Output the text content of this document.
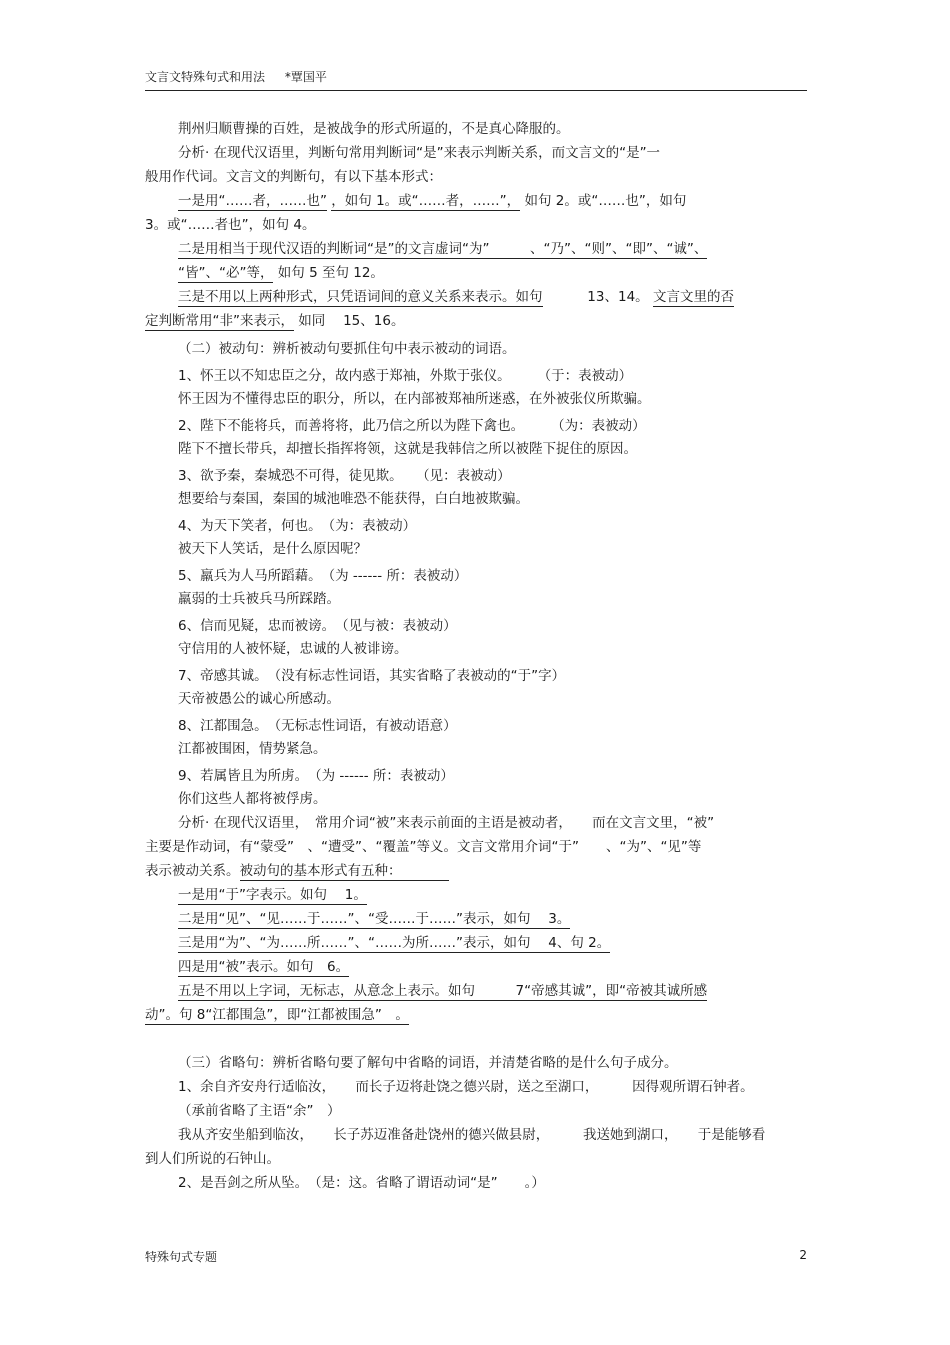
文言文特殊句式和用法 *覃国平
荆州归顺曹操的百姓，是被战争的形式所逼的，不是真心降服的。
分析· 在现代汉语里，判断句常用判断词“是”来表示判断关系，而文言文的“是”一
般用作代词。文言文的判断句，有以下基本形式：
一是用“……者，……也” ，如句 1。或“……者，……”， 如句 2。或“……也”，如句
3。或“……者也”，如句 4。
二是用相当于现代汉语的判断词“是”的文言虚词“为”　　　、“乃”、“则”、“即”、“诚”、
“皆”、“必”等， 如句 5 至句 12。
三是不用以上两种形式，只凭语词间的意义关系来表示。如句 　　　13、14。 文言文里的否
定判断常用“非”来表示， 如同　 15、16。
（二）被动句：辨析被动句要抓住句中表示被动的词语。
1、怀王以不知忠臣之分，故内惑于郑袖，外欺于张仪。　　　（于：表被动）
怀王因为不懂得忠臣的职分，所以，在内部被郑袖所迷惑，在外被张仪所欺骗。
2、陛下不能将兵，而善将将，此乃信之所以为陛下禽也。　　　（为：表被动）
陛下不擅长带兵，却擅长指挥将领，这就是我韩信之所以被陛下捉住的原因。
3、欲予秦，秦城恐不可得，徒见欺。　　（见：表被动）
想要给与秦国，秦国的城池唯恐不能获得，白白地被欺骗。
4、为天下笑者，何也。　（为：表被动）
被天下人笑话，是什么原因呢？
5、羸兵为人马所蹈藉。　（为 ------ 所：表被动）
羸弱的士兵被兵马所踩踏。
6、信而见疑，忠而被谤。　（见与被：表被动）
守信用的人被怀疑，忠诚的人被诽谤。
7、帝感其诚。　（没有标志性词语，其实省略了表被动的“于”字）
天帝被愚公的诚心所感动。
8、江都围急。　（无标志性词语，有被动语意）
江都被围困，情势紧急。
9、若属皆且为所虏。　（为 ------ 所：表被动）
你们这些人都将被俘虏。
分析· 在现代汉语里，　常用介词“被”来表示前面的主语是被动者，　　而在文言文里，“被”
主要是作动词，有“蒙受”　、“遭受”、“覆盖”等义。文言文常用介词“于”　　、“为”、“见”等
表示被动关系。被动句的基本形式有五种：　　　　
一是用“于”字表示。如句　 1。
二是用“见”、“见……于……”、“受……于……”表示，如句　 3。
三是用“为”、“为……所……”、“……为所……”表示，如句　 4、句 2。
四是用“被”表示。如句　6。
五是不用以上字词，无标志，从意念上表示。如句　　　7“帝感其诚”，即“帝被其诚所感
动”。句 8“江都围急”，即“江都被围急”　。
（三）省略句：辨析省略句要了解句中省略的词语，并清楚省略的是什么句子成分。
1、余自齐安舟行适临汝，　　而长子迈将赴饶之德兴尉，送之至湖口，　　　因得观所谓石钟者。
（承前省略了主语“余”　）
我从齐安坐船到临汝，　　长子苏迈准备赴饶州的德兴做县尉，　　　我送她到湖口，　　于是能够看
到人们所说的石钟山。
2、是吾剑之所从坠。　（是：这。省略了谓语动词“是”　　。）
特殊句式专题	2
